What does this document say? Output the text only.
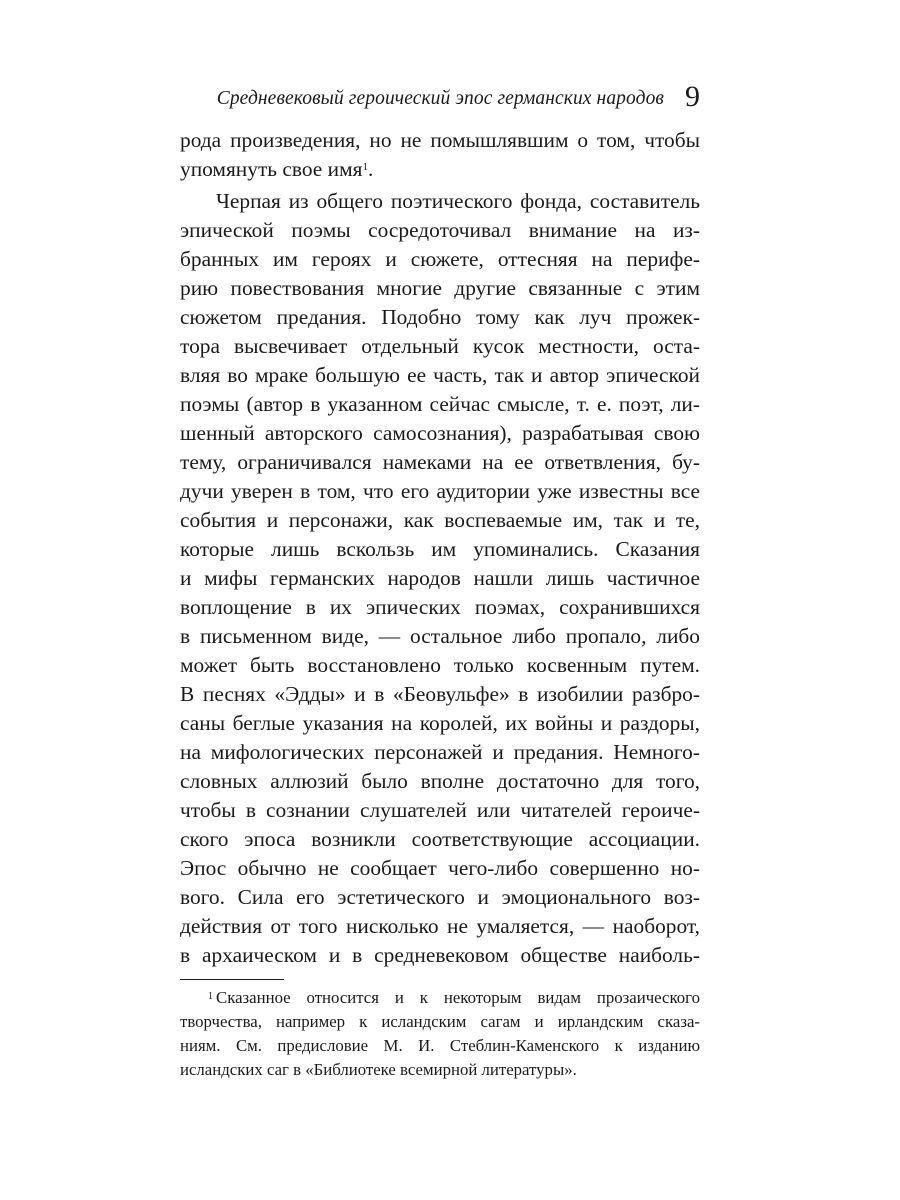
Средневековый героический эпос германских народов 9
рода произведения, но не помышлявшим о том, чтобы
упомянуть свое имя$^1$.
Черпая из общего поэтического фонда, составитель
эпической поэмы сосредоточивал внимание на из-
бранных им героях и сюжете, оттесняя на перифе-
рию повествования многие другие связанные с этим
сюжетом предания. Подобно тому как луч прожек-
тора высвечивает отдельный кусок местности, оста-
вляя во мраке большую ее часть, так и автор эпической
поэмы (автор в указанном сейчас смысле, т. е. поэт, ли-
шенный авторского самосознания), разрабатывая свою
тему, ограничивался намеками на ее ответвления, бу-
дучи уверен в том, что его аудитории уже известны все
события и персонажи, как воспеваемые им, так и те,
которые лишь вскользь им упоминались. Сказания
и мифы германских народов нашли лишь частичное
воплощение в их эпических поэмах, сохранившихся
в письменном виде, — остальное либо пропало, либо
может быть восстановлено только косвенным путем.
В песнях «Эдды» и в «Беовульфе» в изобилии разбро-
саны беглые указания на королей, их войны и раздоры,
на мифологических персонажей и предания. Немного-
словных аллюзий было вполне достаточно для того,
чтобы в сознании слушателей или читателей героиче-
ского эпоса возникли соответствующие ассоциации.
Эпос обычно не сообщает чего-либо совершенно но-
вого. Сила его эстетического и эмоционального воз-
действия от того нисколько не умаляется, — наоборот,
в архаическом и в средневековом обществе наиболь-
$^1$ Сказанное относится и к некоторым видам прозаического
творчества, например к исландским сагам и ирландским сказа-
ниям. См. предисловие М. И. Стеблин-Каменского к изданию
исландских саг в «Библиотеке всемирной литературы».
